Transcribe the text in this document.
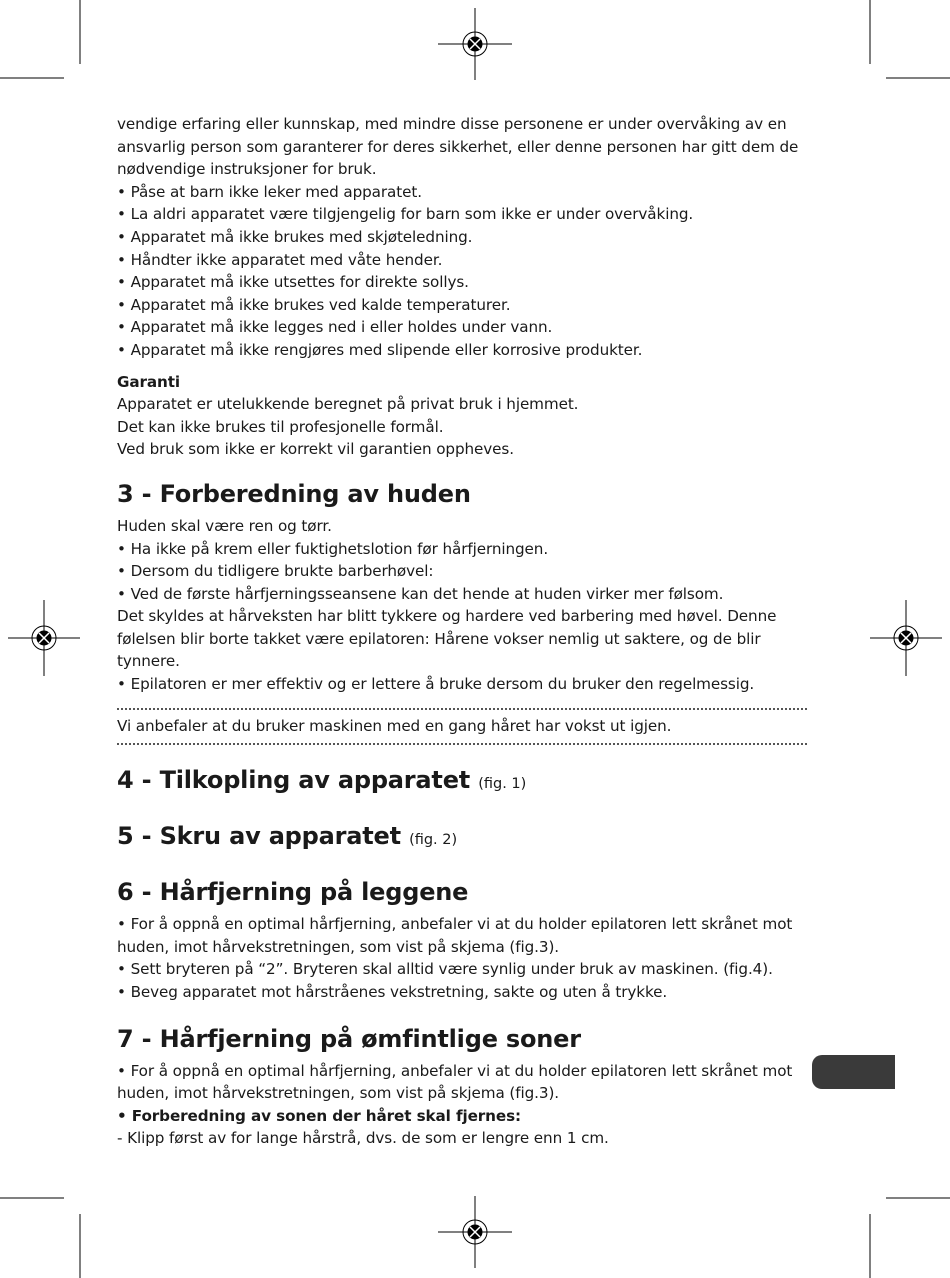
vendige erfaring eller kunnskap, med mindre disse personene er under overvåking av en ansvarlig person som garanterer for deres sikkerhet, eller denne personen har gitt dem de nødvendige instruksjoner for bruk.

• Påse at barn ikke leker med apparatet.

• La aldri apparatet være tilgjengelig for barn som ikke er under overvåking.

• Apparatet må ikke brukes med skjøteledning.

• Håndter ikke apparatet med våte hender.

• Apparatet må ikke utsettes for direkte sollys.

• Apparatet må ikke brukes ved kalde temperaturer.

• Apparatet må ikke legges ned i eller holdes under vann.

• Apparatet må ikke rengjøres med slipende eller korrosive produkter.

Garanti

Apparatet er utelukkende beregnet på privat bruk i hjemmet.

Det kan ikke brukes til profesjonelle formål.

Ved bruk som ikke er korrekt vil garantien oppheves.

3 - Forberedning av huden

Huden skal være ren og tørr.

• Ha ikke på krem eller fuktighetslotion før hårfjerningen.

• Dersom du tidligere brukte barberhøvel:

• Ved de første hårfjerningsseansene kan det hende at huden virker mer følsom.

Det skyldes at hårveksten har blitt tykkere og hardere ved barbering med høvel. Denne følelsen blir borte takket være epilatoren: Hårene vokser nemlig ut saktere, og de blir tynnere.

• Epilatoren er mer effektiv og er lettere å bruke dersom du bruker den regelmessig.

Vi anbefaler at du bruker maskinen med en gang håret har vokst ut igjen.

4 - Tilkopling av apparatet (fig. 1)
5 - Skru av apparatet (fig. 2)
6 - Hårfjerning på leggene

• For å oppnå en optimal hårfjerning, anbefaler vi at du holder epilatoren lett skrånet mot huden, imot hårvekstretningen, som vist på skjema (fig.3).

• Sett bryteren på “2”. Bryteren skal alltid være synlig under bruk av maskinen. (fig.4).

• Beveg apparatet mot hårstråenes vekstretning, sakte og uten å trykke.

7 - Hårfjerning på ømfintlige soner

• For å oppnå en optimal hårfjerning, anbefaler vi at du holder epilatoren lett skrånet mot huden, imot hårvekstretningen, som vist på skjema (fig.3).

• Forberedning av sonen der håret skal fjernes:

- Klipp først av for lange hårstrå, dvs. de som er lengre enn 1 cm.
